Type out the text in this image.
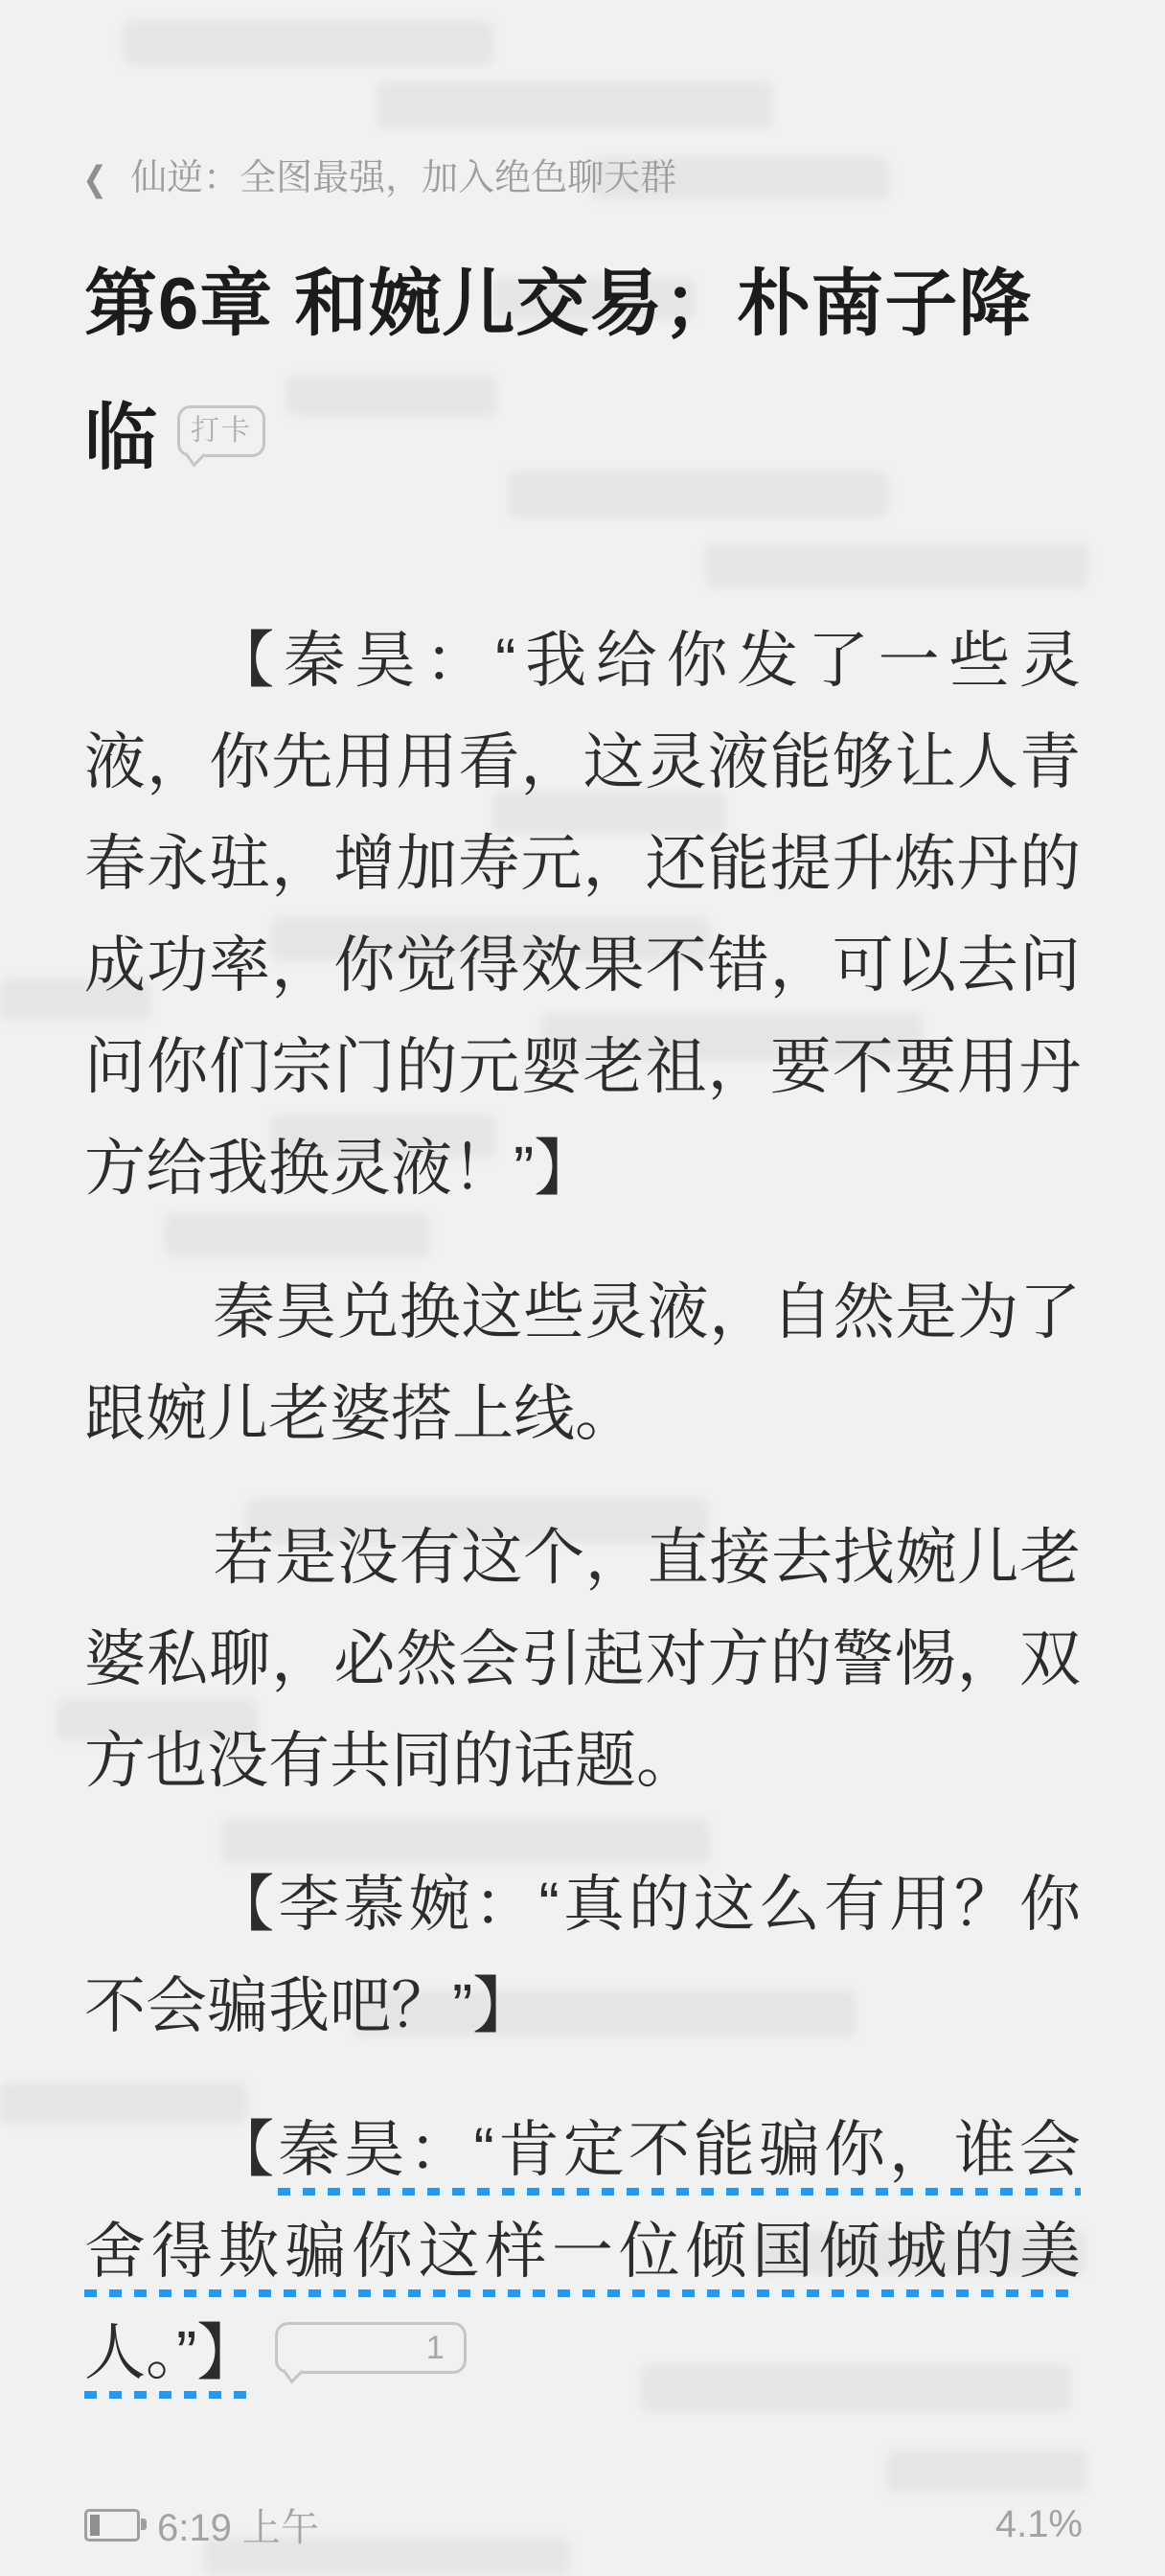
❮ 仙逆：全图最强，加入绝色聊天群
第6章 和婉儿交易；朴南子降临 打卡

【秦昊：“我给你发了一些灵液，你先用用看，这灵液能够让人青春永驻，增加寿元，还能提升炼丹的成功率，你觉得效果不错，可以去问问你们宗门的元婴老祖，要不要用丹方给我换灵液！”】

秦昊兑换这些灵液，自然是为了跟婉儿老婆搭上线。

若是没有这个，直接去找婉儿老婆私聊，必然会引起对方的警惕，双方也没有共同的话题。

【李慕婉：“真的这么有用？你不会骗我吧？”】

【秦昊：“肯定不能骗你，谁会舍得欺骗你这样一位倾国倾城的美人。”】	1

6:19 上午	4.1%
